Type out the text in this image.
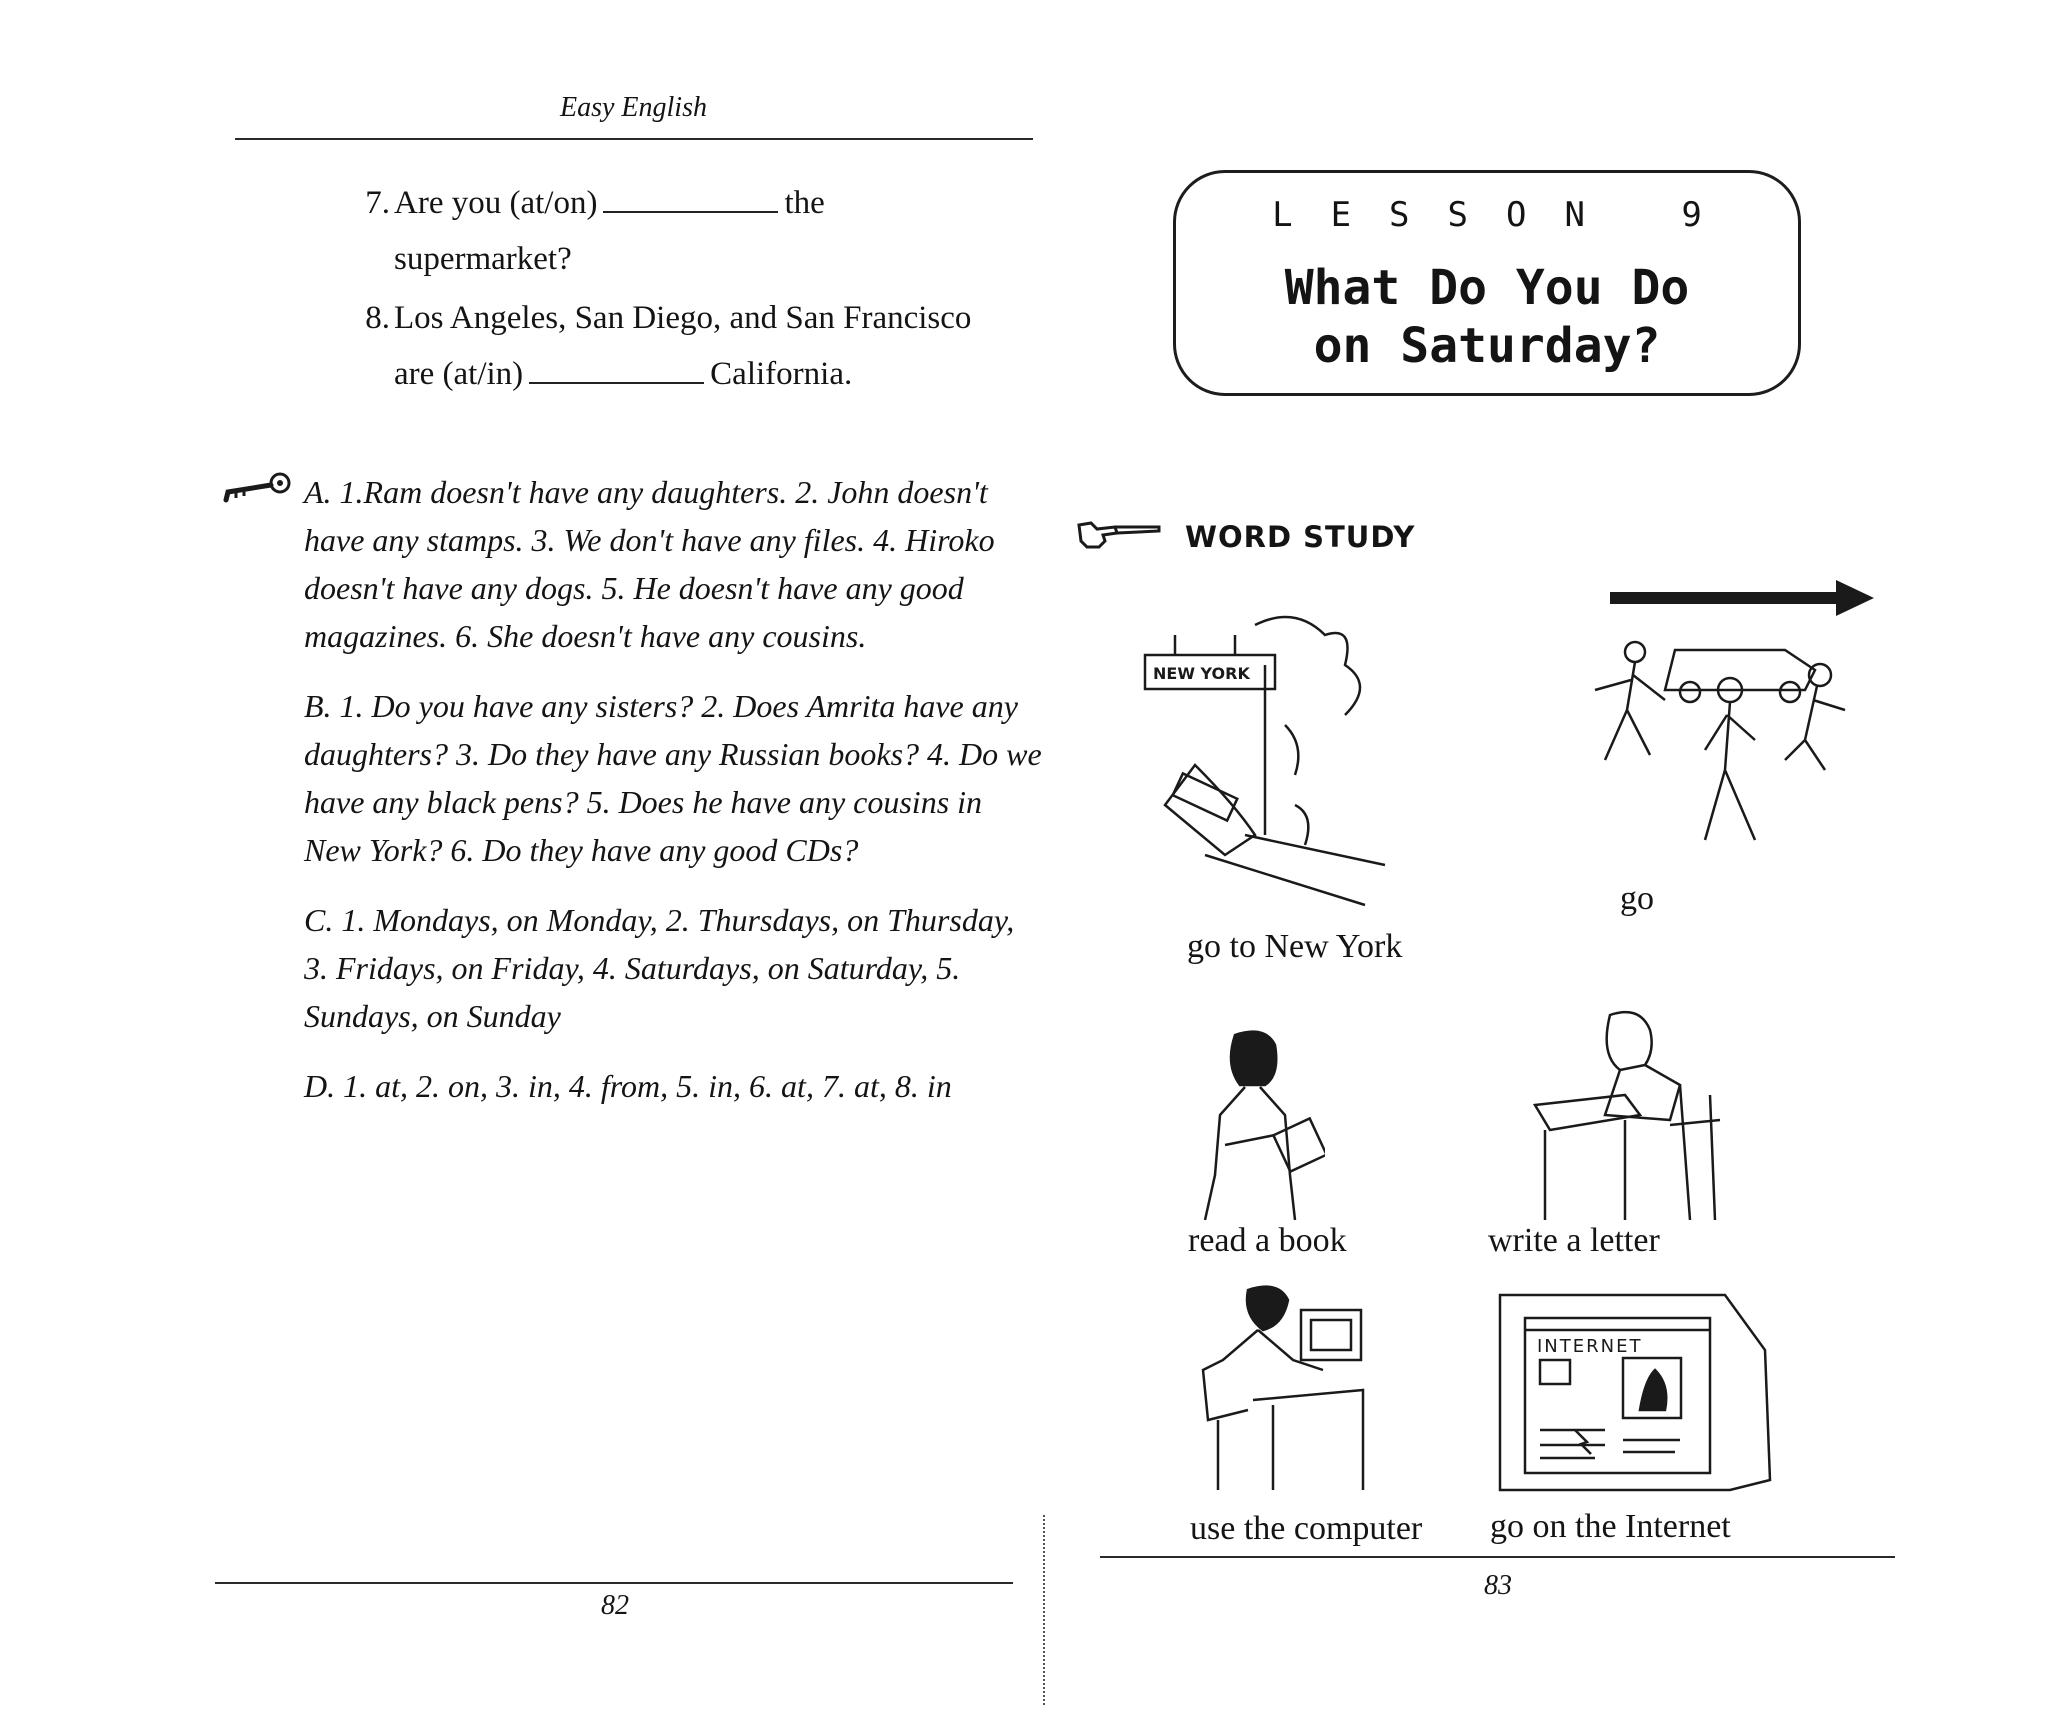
Easy English
7. Are you (at/on)	the
supermarket?
8. Los Angeles, San Diego, and San Francisco
are (at/in)	California.

A. 1.Ram doesn't have any daughters. 2. John doesn't have any stamps. 3. We don't have any files. 4. Hiroko doesn't have any dogs. 5. He doesn't have any good magazines. 6. She doesn't have any cousins.

B. 1. Do you have any sisters? 2. Does Amrita have any daughters? 3. Do they have any Russian books? 4. Do we have any black pens? 5. Does he have any cousins in New York? 6. Do they have any good CDs?

C. 1. Mondays, on Monday, 2. Thursdays, on Thursday, 3. Fridays, on Friday, 4. Saturdays, on Saturday, 5. Sundays, on Sunday

D. 1. at, 2. on, 3. in, 4. from, 5. in, 6. at, 7. at, 8. in

82
LESSON 9
What Do You Do
on Saturday?
WORD STUDY
NEW YORK
go to New York
go
read a book	write a letter
INTERNET
use the computer go on the Internet
83
